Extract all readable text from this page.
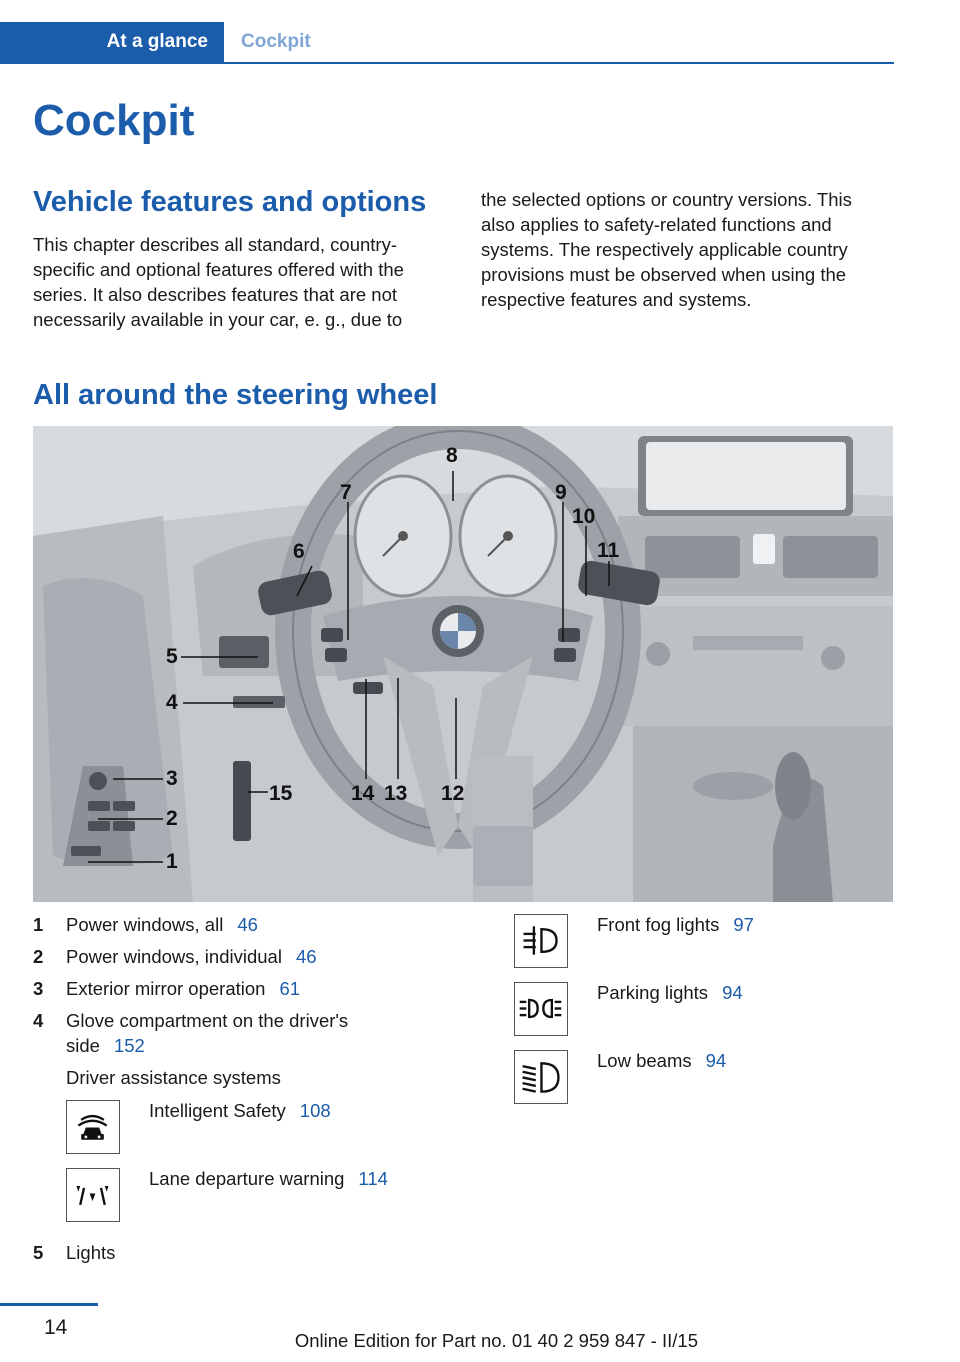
At a glance	Cockpit
Cockpit
Vehicle features and options

This chapter describes all standard, country-

specific and optional features offered with the

series. It also describes features that are not

necessarily available in your car, e. g., due to

the selected options or country versions. This

also applies to safety-related functions and

systems. The respectively applicable country

provisions must be observed when using the

respective features and systems.

All around the steering wheel
1
2
3
4
5
6
7
8
9
10
11
12
13
14
15
1 Power windows, all 46
2 Power windows, individual 46
3 Exterior mirror operation 61
4 Glove compartment on the driver's
side 152
Driver assistance systems
Intelligent Safety 108
Lane departure warning 114
5 Lights
Front fog lights 97
Parking lights 94
Low beams 94
14
Online Edition for Part no. 01 40 2 959 847 - II/15
